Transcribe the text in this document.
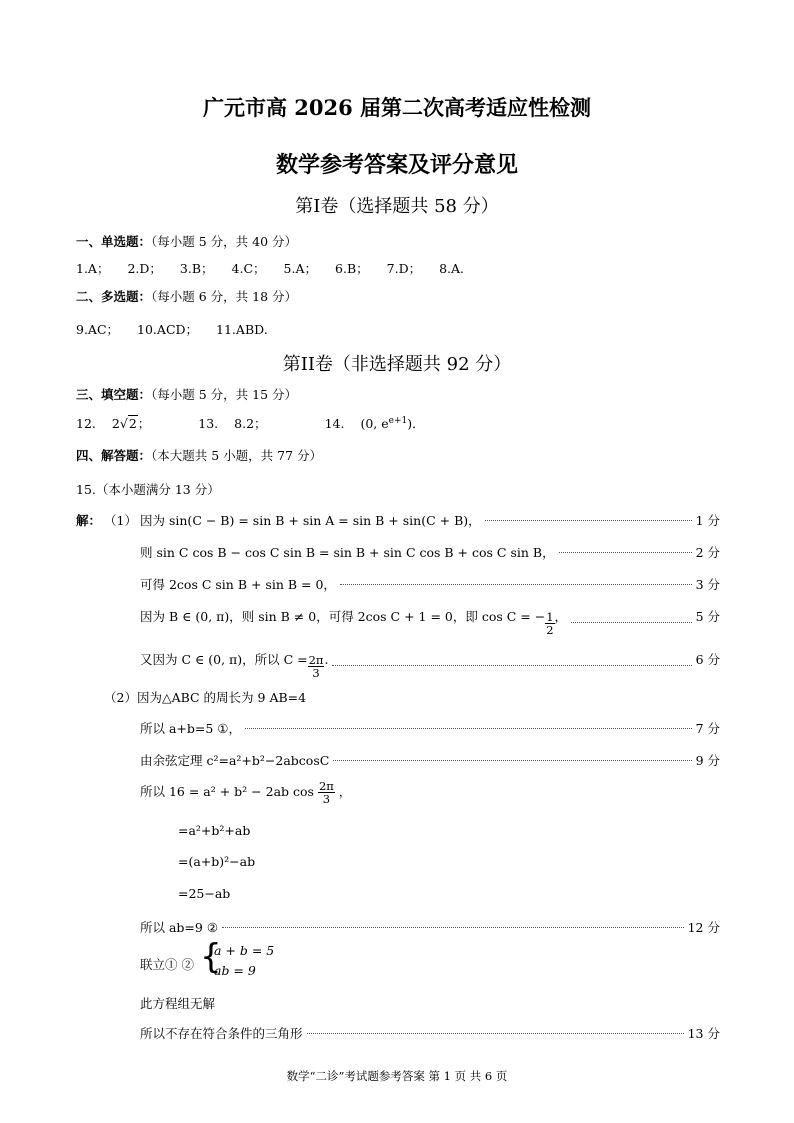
广元市高 2026 届第二次高考适应性检测
数学参考答案及评分意见
第I卷（选择题共 58 分）
一、单选题：（每小题 5 分，共 40 分）
1.A； 2.D； 3.B； 4.C； 5.A； 6.B； 7.D； 8.A.
二、多选题：（每小题 6 分，共 18 分）
9.AC； 10.ACD； 11.ABD.
第II卷（非选择题共 92 分）
三、填空题：（每小题 5 分，共 15 分）
12. 2√2；	13. 8.2；	14. (0, $e^{e+1}$)．
四、解答题：（本大题共 5 小题，共 77 分）
15.（本小题满分 13 分）
解： （1） 因为 sin(C − B) = sin B + sin A = sin B + sin(C + B)，	1 分
则 sin C cos B − cos C sin B = sin B + sin C cos B + cos C sin B，	2 分
可得 2cos C sin B + sin B = 0，	3 分
因为 B ∈ (0, π)，则 sin B ≠ 0，可得 2cos C + 1 = 0，即 cos C = − $\frac{1}{2}$ ，	5 分
又因为 C ∈ (0, π)，所以 $C = \frac{2\pi}{3}$ .	6 分
（2）因为△ABC 的周长为 9 AB=4
所以 a+b=5 ①，	7 分
由余弦定理 c²=a²+b²−2abcosC	9 分
所以 16 = a² + b² − 2ab $\cos \frac{2\pi}{3}$ ，
=a²+b²+ab
=(a+b)²−ab
=25−ab
所以 ab=9 ②	12 分
联立① ② {
a + b = 5
ab = 9
此方程组无解
所以不存在符合条件的三角形	13 分
数学“二诊”考试题参考答案 第 1 页 共 6 页
